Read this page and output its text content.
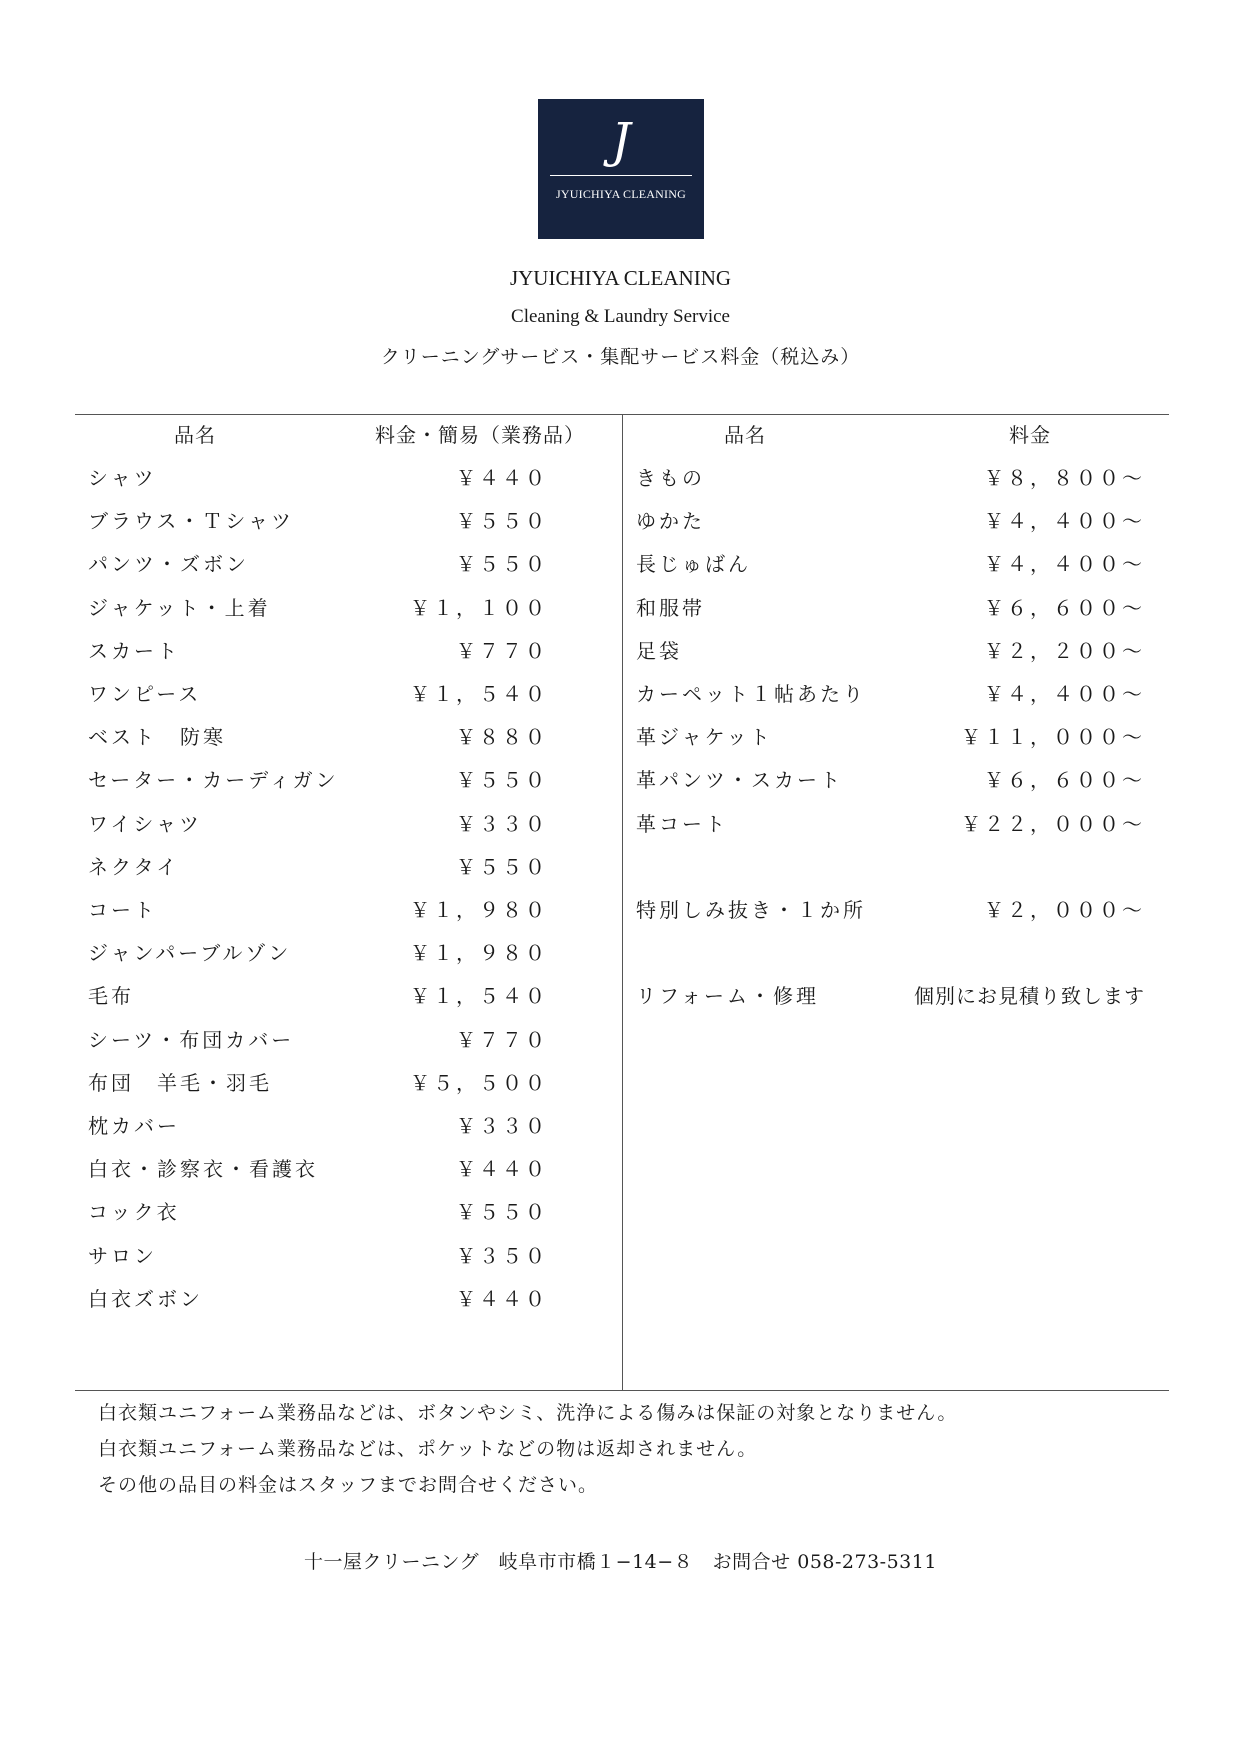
J
JYUICHIYA CLEANING
JYUICHIYA CLEANING
Cleaning & Laundry Service
クリーニングサービス・集配サービス料金（税込み）
品名	料金・簡易（業務品）	品名	料金
シャツ	￥４４０
ブラウス・Ｔシャツ	￥５５０
パンツ・ズボン	￥５５０
ジャケット・上着	￥１，１００
スカート	￥７７０
ワンピース	￥１，５４０
ベスト　防寒	￥８８０
セーター・カーディガン	￥５５０
ワイシャツ	￥３３０
ネクタイ	￥５５０
コート	￥１，９８０
ジャンパーブルゾン	￥１，９８０
毛布	￥１，５４０
シーツ・布団カバー	￥７７０
布団　羊毛・羽毛	￥５，５００
枕カバー	￥３３０
白衣・診察衣・看護衣	￥４４０
コック衣	￥５５０
サロン	￥３５０
白衣ズボン	￥４４０
きもの	￥８，８００～
ゆかた	￥４，４００～
長じゅばん	￥４，４００～
和服帯	￥６，６００～
足袋	￥２，２００～
カーペット１帖あたり	￥４，４００～
革ジャケット	￥１１，０００～
革パンツ・スカート	￥６，６００～
革コート	￥２２，０００～
特別しみ抜き・１か所	￥２，０００～
リフォーム・修理	個別にお見積り致します
白衣類ユニフォーム業務品などは、ボタンやシミ、洗浄による傷みは保証の対象となりません。
白衣類ユニフォーム業務品などは、ポケットなどの物は返却されません。
その他の品目の料金はスタッフまでお問合せください。
十一屋クリーニング　岐阜市市橋１−14−８　お問合せ 058-273-5311
